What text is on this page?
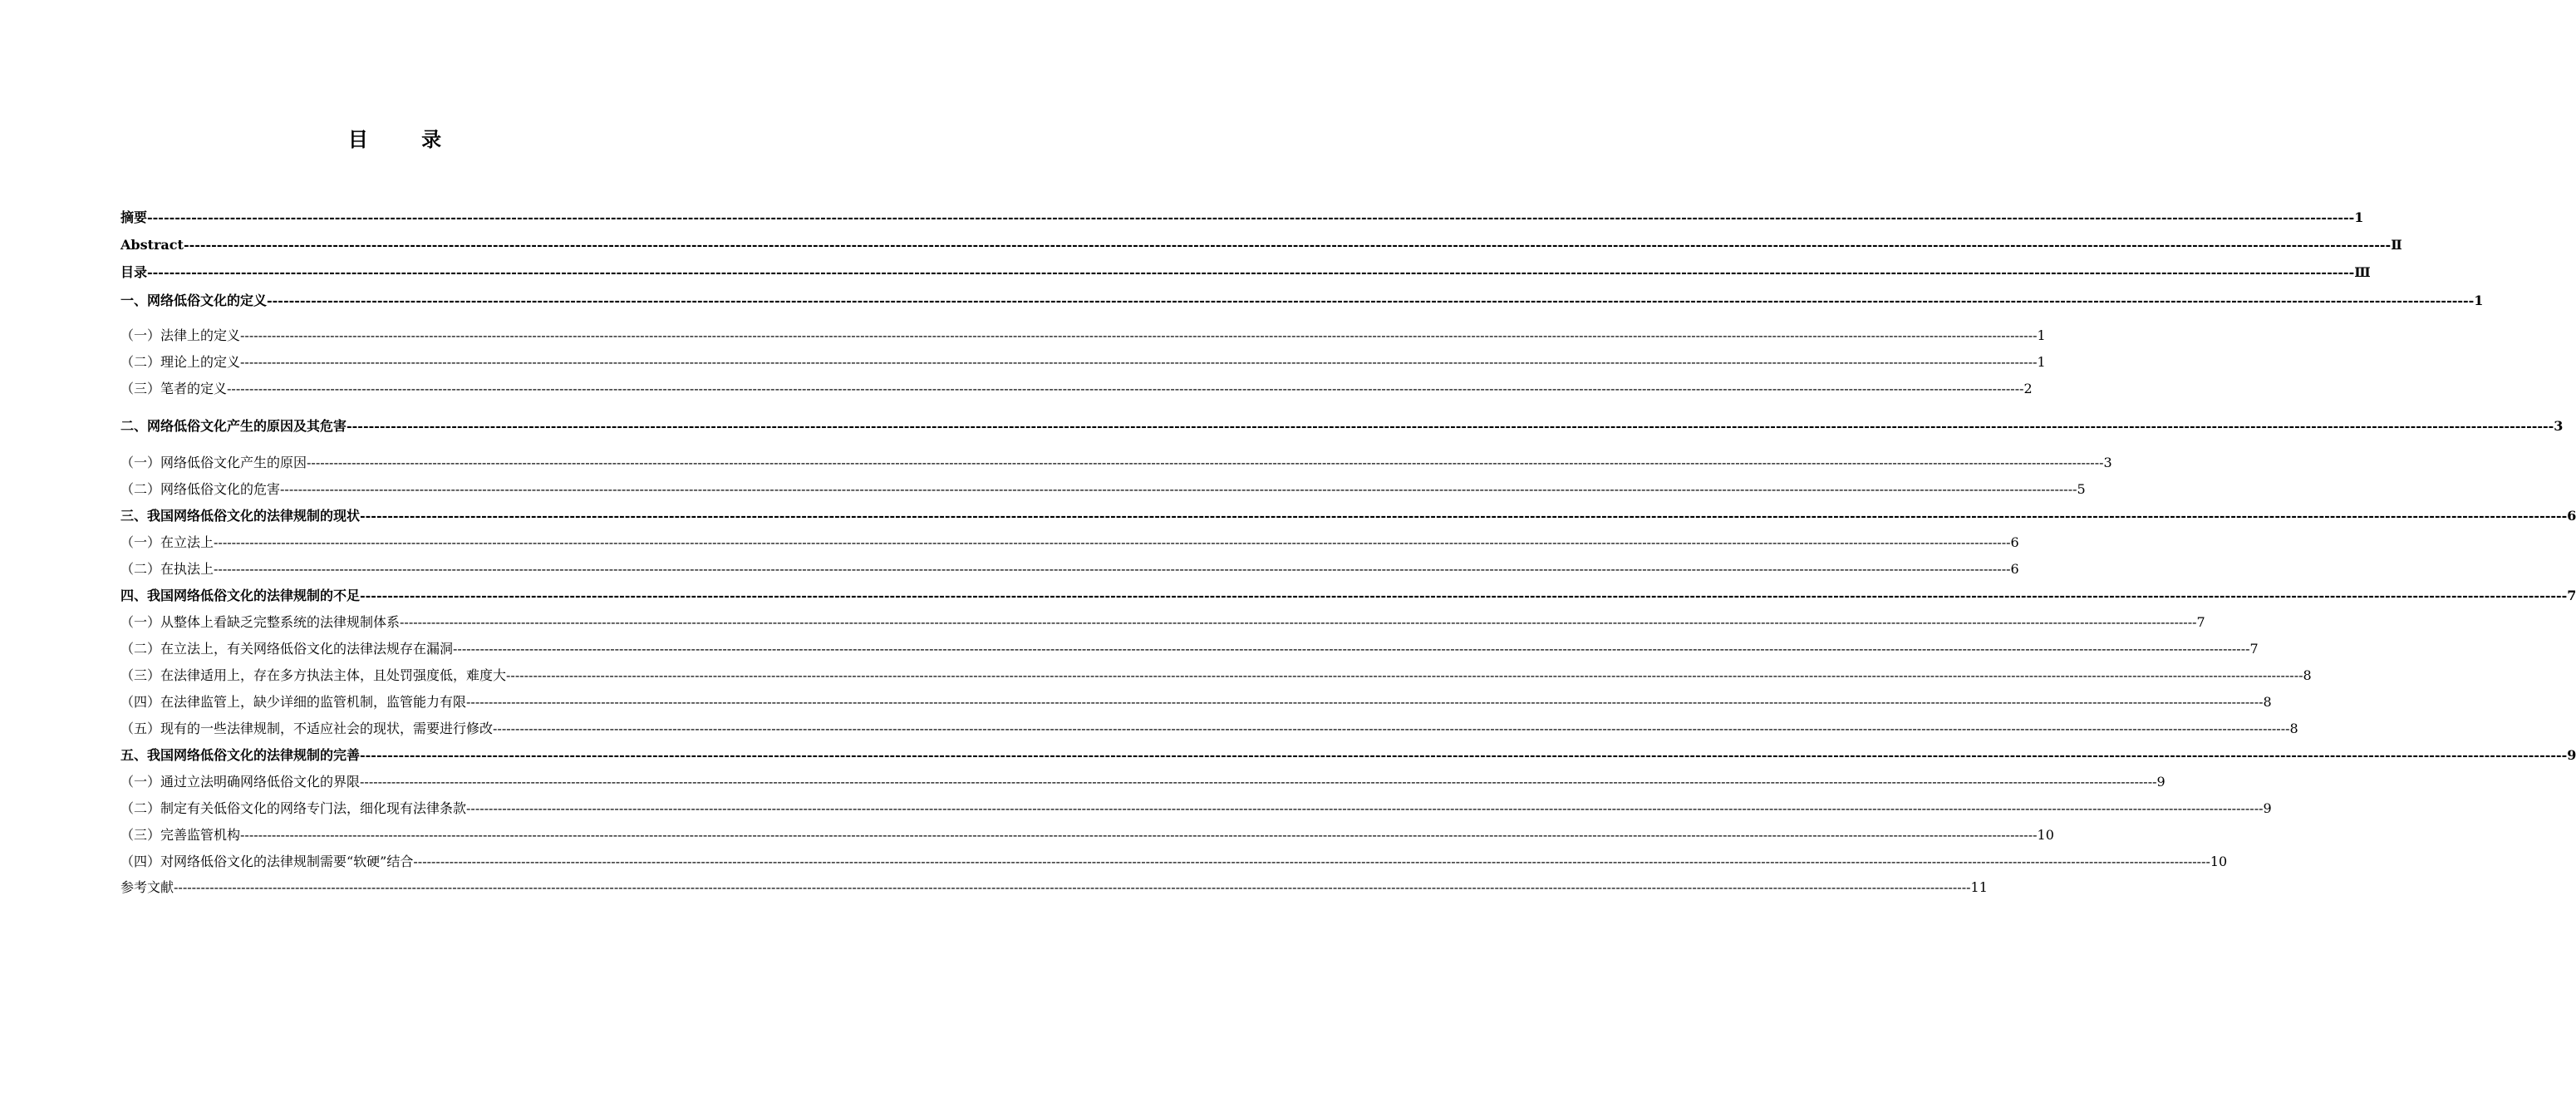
目 录
摘要 ---------------------------------------------------------------------------------------------------------------------------------------------------------------------------------------------------------------------------------------------------------------------------------------------------------------------------------------------------------------------------------------------------------------- 1
Abstract ---------------------------------------------------------------------------------------------------------------------------------------------------------------------------------------------------------------------------------------------------------------------------------------------------------------------------------------------------------------------------------------------------------------- Ⅱ
目录 ---------------------------------------------------------------------------------------------------------------------------------------------------------------------------------------------------------------------------------------------------------------------------------------------------------------------------------------------------------------------------------------------------------------- Ⅲ
一、网络低俗文化的定义 ---------------------------------------------------------------------------------------------------------------------------------------------------------------------------------------------------------------------------------------------------------------------------------------------------------------------------------------------------------------------------------------------------------------- 1
（一）法律上的定义 ---------------------------------------------------------------------------------------------------------------------------------------------------------------------------------------------------------------------------------------------------------------------------------------------------------------------------------------------------------------------------------------------------------------- 1
（二）理论上的定义 ---------------------------------------------------------------------------------------------------------------------------------------------------------------------------------------------------------------------------------------------------------------------------------------------------------------------------------------------------------------------------------------------------------------- 1
（三）笔者的定义 ---------------------------------------------------------------------------------------------------------------------------------------------------------------------------------------------------------------------------------------------------------------------------------------------------------------------------------------------------------------------------------------------------------------- 2
二、网络低俗文化产生的原因及其危害 ---------------------------------------------------------------------------------------------------------------------------------------------------------------------------------------------------------------------------------------------------------------------------------------------------------------------------------------------------------------------------------------------------------------- 3
（一）网络低俗文化产生的原因 ---------------------------------------------------------------------------------------------------------------------------------------------------------------------------------------------------------------------------------------------------------------------------------------------------------------------------------------------------------------------------------------------------------------- 3
（二）网络低俗文化的危害 ---------------------------------------------------------------------------------------------------------------------------------------------------------------------------------------------------------------------------------------------------------------------------------------------------------------------------------------------------------------------------------------------------------------- 5
三、我国网络低俗文化的法律规制的现状 ---------------------------------------------------------------------------------------------------------------------------------------------------------------------------------------------------------------------------------------------------------------------------------------------------------------------------------------------------------------------------------------------------------------- 6
（一）在立法上 ---------------------------------------------------------------------------------------------------------------------------------------------------------------------------------------------------------------------------------------------------------------------------------------------------------------------------------------------------------------------------------------------------------------- 6
（二）在执法上 ---------------------------------------------------------------------------------------------------------------------------------------------------------------------------------------------------------------------------------------------------------------------------------------------------------------------------------------------------------------------------------------------------------------- 6
四、我国网络低俗文化的法律规制的不足 ---------------------------------------------------------------------------------------------------------------------------------------------------------------------------------------------------------------------------------------------------------------------------------------------------------------------------------------------------------------------------------------------------------------- 7
（一）从整体上看缺乏完整系统的法律规制体系 ---------------------------------------------------------------------------------------------------------------------------------------------------------------------------------------------------------------------------------------------------------------------------------------------------------------------------------------------------------------------------------------------------------------- 7
（二）在立法上，有关网络低俗文化的法律法规存在漏洞 ---------------------------------------------------------------------------------------------------------------------------------------------------------------------------------------------------------------------------------------------------------------------------------------------------------------------------------------------------------------------------------------------------------------- 7
（三）在法律适用上，存在多方执法主体，且处罚强度低，难度大 ---------------------------------------------------------------------------------------------------------------------------------------------------------------------------------------------------------------------------------------------------------------------------------------------------------------------------------------------------------------------------------------------------------------- 8
（四）在法律监管上，缺少详细的监管机制，监管能力有限 ---------------------------------------------------------------------------------------------------------------------------------------------------------------------------------------------------------------------------------------------------------------------------------------------------------------------------------------------------------------------------------------------------------------- 8
（五）现有的一些法律规制，不适应社会的现状，需要进行修改 ---------------------------------------------------------------------------------------------------------------------------------------------------------------------------------------------------------------------------------------------------------------------------------------------------------------------------------------------------------------------------------------------------------------- 8
五、我国网络低俗文化的法律规制的完善 ---------------------------------------------------------------------------------------------------------------------------------------------------------------------------------------------------------------------------------------------------------------------------------------------------------------------------------------------------------------------------------------------------------------- 9
（一）通过立法明确网络低俗文化的界限 ---------------------------------------------------------------------------------------------------------------------------------------------------------------------------------------------------------------------------------------------------------------------------------------------------------------------------------------------------------------------------------------------------------------- 9
（二）制定有关低俗文化的网络专门法，细化现有法律条款 ---------------------------------------------------------------------------------------------------------------------------------------------------------------------------------------------------------------------------------------------------------------------------------------------------------------------------------------------------------------------------------------------------------------- 9
（三）完善监管机构 ---------------------------------------------------------------------------------------------------------------------------------------------------------------------------------------------------------------------------------------------------------------------------------------------------------------------------------------------------------------------------------------------------------------- 10
（四）对网络低俗文化的法律规制需要“软硬”结合 ---------------------------------------------------------------------------------------------------------------------------------------------------------------------------------------------------------------------------------------------------------------------------------------------------------------------------------------------------------------------------------------------------------------- 10
参考文献 ---------------------------------------------------------------------------------------------------------------------------------------------------------------------------------------------------------------------------------------------------------------------------------------------------------------------------------------------------------------------------------------------------------------- 11
